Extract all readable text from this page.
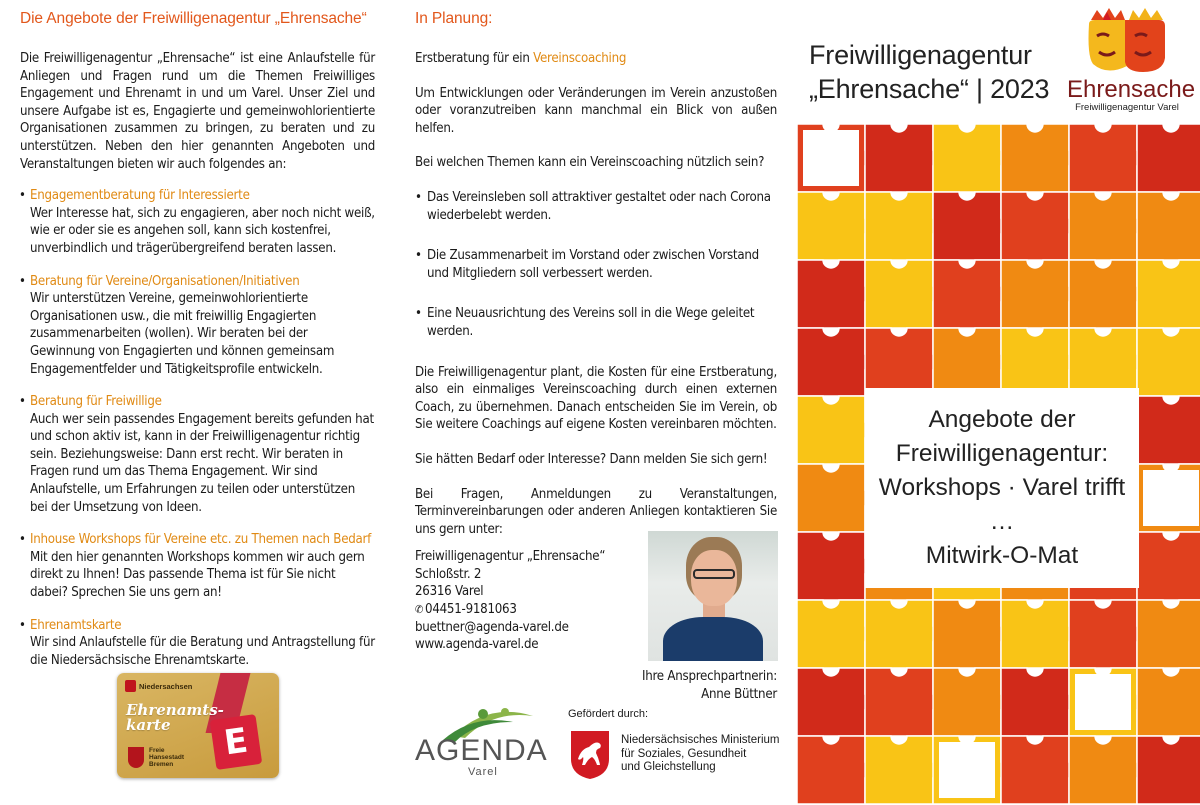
Die Angebote der Freiwilligenagentur „Ehrensache“
Die Freiwilligenagentur „Ehrensache“ ist eine Anlaufstelle für Anliegen und Fragen rund um die Themen Freiwilliges Engagement und Ehrenamt in und um Varel. Unser Ziel und unsere Aufgabe ist es, Engagierte und gemeinwohlorientierte Organisationen zusammen zu bringen, zu beraten und zu unterstützen. Neben den hier genannten Angeboten und Veranstaltungen bieten wir auch folgendes an:
• Engagementberatung für Interessierte
Wer Interesse hat, sich zu engagieren, aber noch nicht weiß, wie er oder sie es angehen soll, kann sich kostenfrei, unverbindlich und trägerübergreifend beraten lassen.
• Beratung für Vereine/Organisationen/Initiativen
Wir unterstützen Vereine, gemeinwohlorientierte Organisationen usw., die mit freiwillig Engagierten zusammenarbeiten (wollen). Wir beraten bei der Gewinnung von Engagierten und können gemeinsam Engagementfelder und Tätigkeitsprofile entwickeln.
• Beratung für Freiwillige
Auch wer sein passendes Engagement bereits gefunden hat und schon aktiv ist, kann in der Freiwilligenagentur richtig sein. Beziehungsweise: Dann erst recht. Wir beraten in Fragen rund um das Thema Engagement. Wir sind Anlaufstelle, um Erfahrungen zu teilen oder unterstützen bei der Umsetzung von Ideen.
• Inhouse Workshops für Vereine etc. zu Themen nach Bedarf
Mit den hier genannten Workshops kommen wir auch gern direkt zu Ihnen! Das passende Thema ist für Sie nicht dabei? Sprechen Sie uns gern an!
• Ehrenamtskarte
Wir sind Anlaufstelle für die Beratung und Antragstellung für die Niedersächsische Ehrenamtskarte.
Niedersachsen
Ehrenamts-
karte	E
Freie
Hansestadt
Bremen
In Planung:
Erstberatung für ein Vereinscoaching
Um Entwicklungen oder Veränderungen im Verein anzustoßen oder voranzutreiben kann manchmal ein Blick von außen helfen.
Bei welchen Themen kann ein Vereinscoaching nützlich sein?
• Das Vereinsleben soll attraktiver gestaltet oder nach Corona wiederbelebt werden.
• Die Zusammenarbeit im Vorstand oder zwischen Vorstand und Mitgliedern soll verbessert werden.
• Eine Neuausrichtung des Vereins soll in die Wege geleitet werden.
Die Freiwilligenagentur plant, die Kosten für eine Erstberatung, also ein einmaliges Vereinscoaching durch einen externen Coach, zu übernehmen. Danach entscheiden Sie im Verein, ob Sie weitere Coachings auf eigene Kosten vereinbaren möchten.
Sie hätten Bedarf oder Interesse? Dann melden Sie sich gern!
Bei Fragen, Anmeldungen zu Veranstaltungen, Terminvereinbarungen oder anderen Anliegen kontaktieren Sie uns gern unter:
Freiwilligenagentur „Ehrensache“
Schloßstr. 2
26316 Varel
✆ 04451-9181063
buettner@agenda-varel.de
www.agenda-varel.de
Ihre Ansprechpartnerin:
Anne Büttner
AGENDA
Varel
Gefördert durch:
Niedersächsisches Ministerium
für Soziales, Gesundheit
und Gleichstellung
Freiwilligenagentur
„Ehrensache“ | 2023 Ehrensache
Freiwilligenagentur Varel
Angebote der
Freiwilligenagentur:
Workshops · Varel trifft …
Mitwirk-O-Mat
